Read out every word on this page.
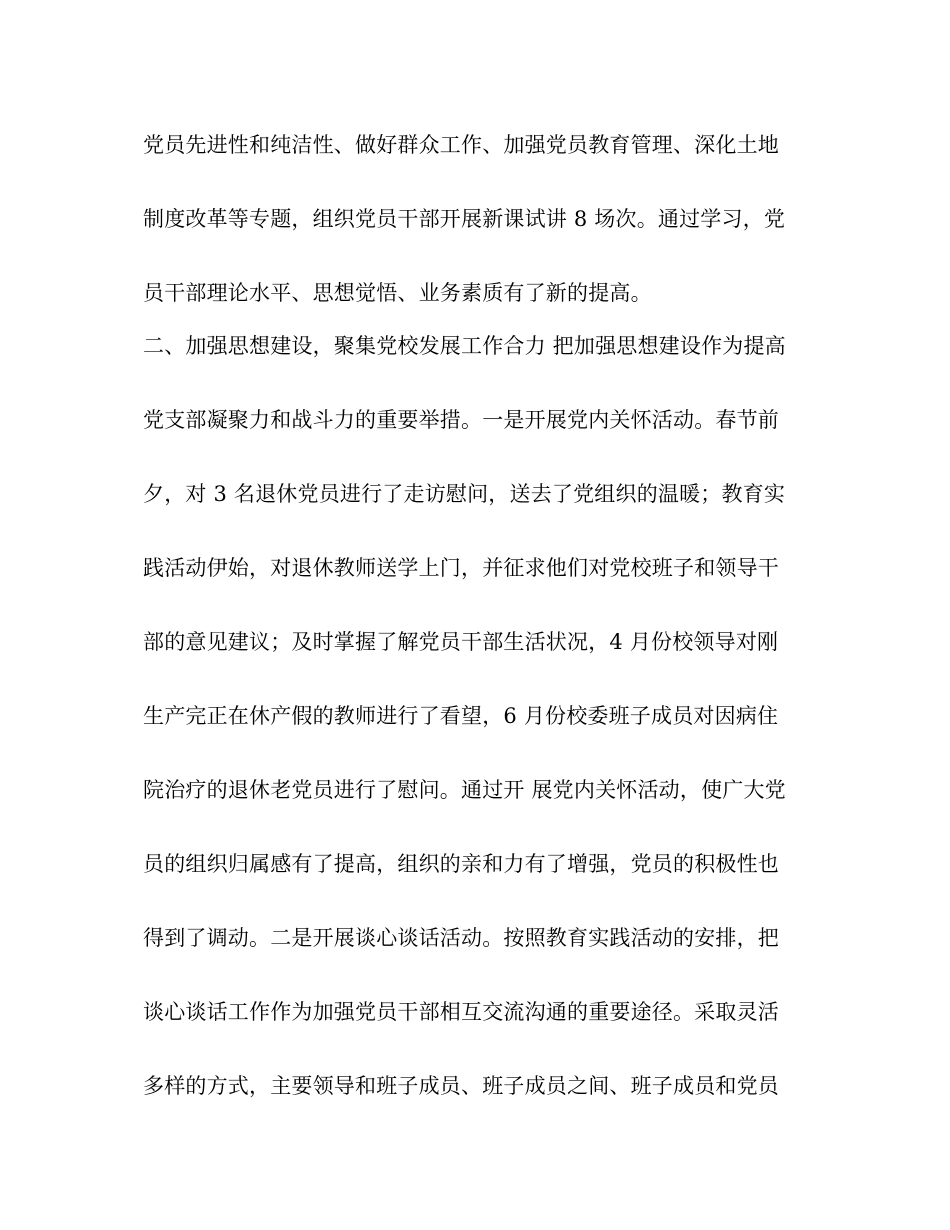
党员先进性和纯洁性、做好群众工作、加强党员教育管理、深化土地
制度改革等专题，组织党员干部开展新课试讲 8 场次。通过学习，党
员干部理论水平、思想觉悟、业务素质有了新的提高。
二、加强思想建设，聚集党校发展工作合力 把加强思想建设作为提高
党支部凝聚力和战斗力的重要举措。一是开展党内关怀活动。春节前
夕，对 3 名退休党员进行了走访慰问，送去了党组织的温暖；教育实
践活动伊始，对退休教师送学上门，并征求他们对党校班子和领导干
部的意见建议；及时掌握了解党员干部生活状况，4 月份校领导对刚
生产完正在休产假的教师进行了看望，6 月份校委班子成员对因病住
院治疗的退休老党员进行了慰问。通过开 展党内关怀活动，使广大党
员的组织归属感有了提高，组织的亲和力有了增强，党员的积极性也
得到了调动。二是开展谈心谈话活动。按照教育实践活动的安排，把
谈心谈话工作作为加强党员干部相互交流沟通的重要途径。采取灵活
多样的方式，主要领导和班子成员、班子成员之间、班子成员和党员
